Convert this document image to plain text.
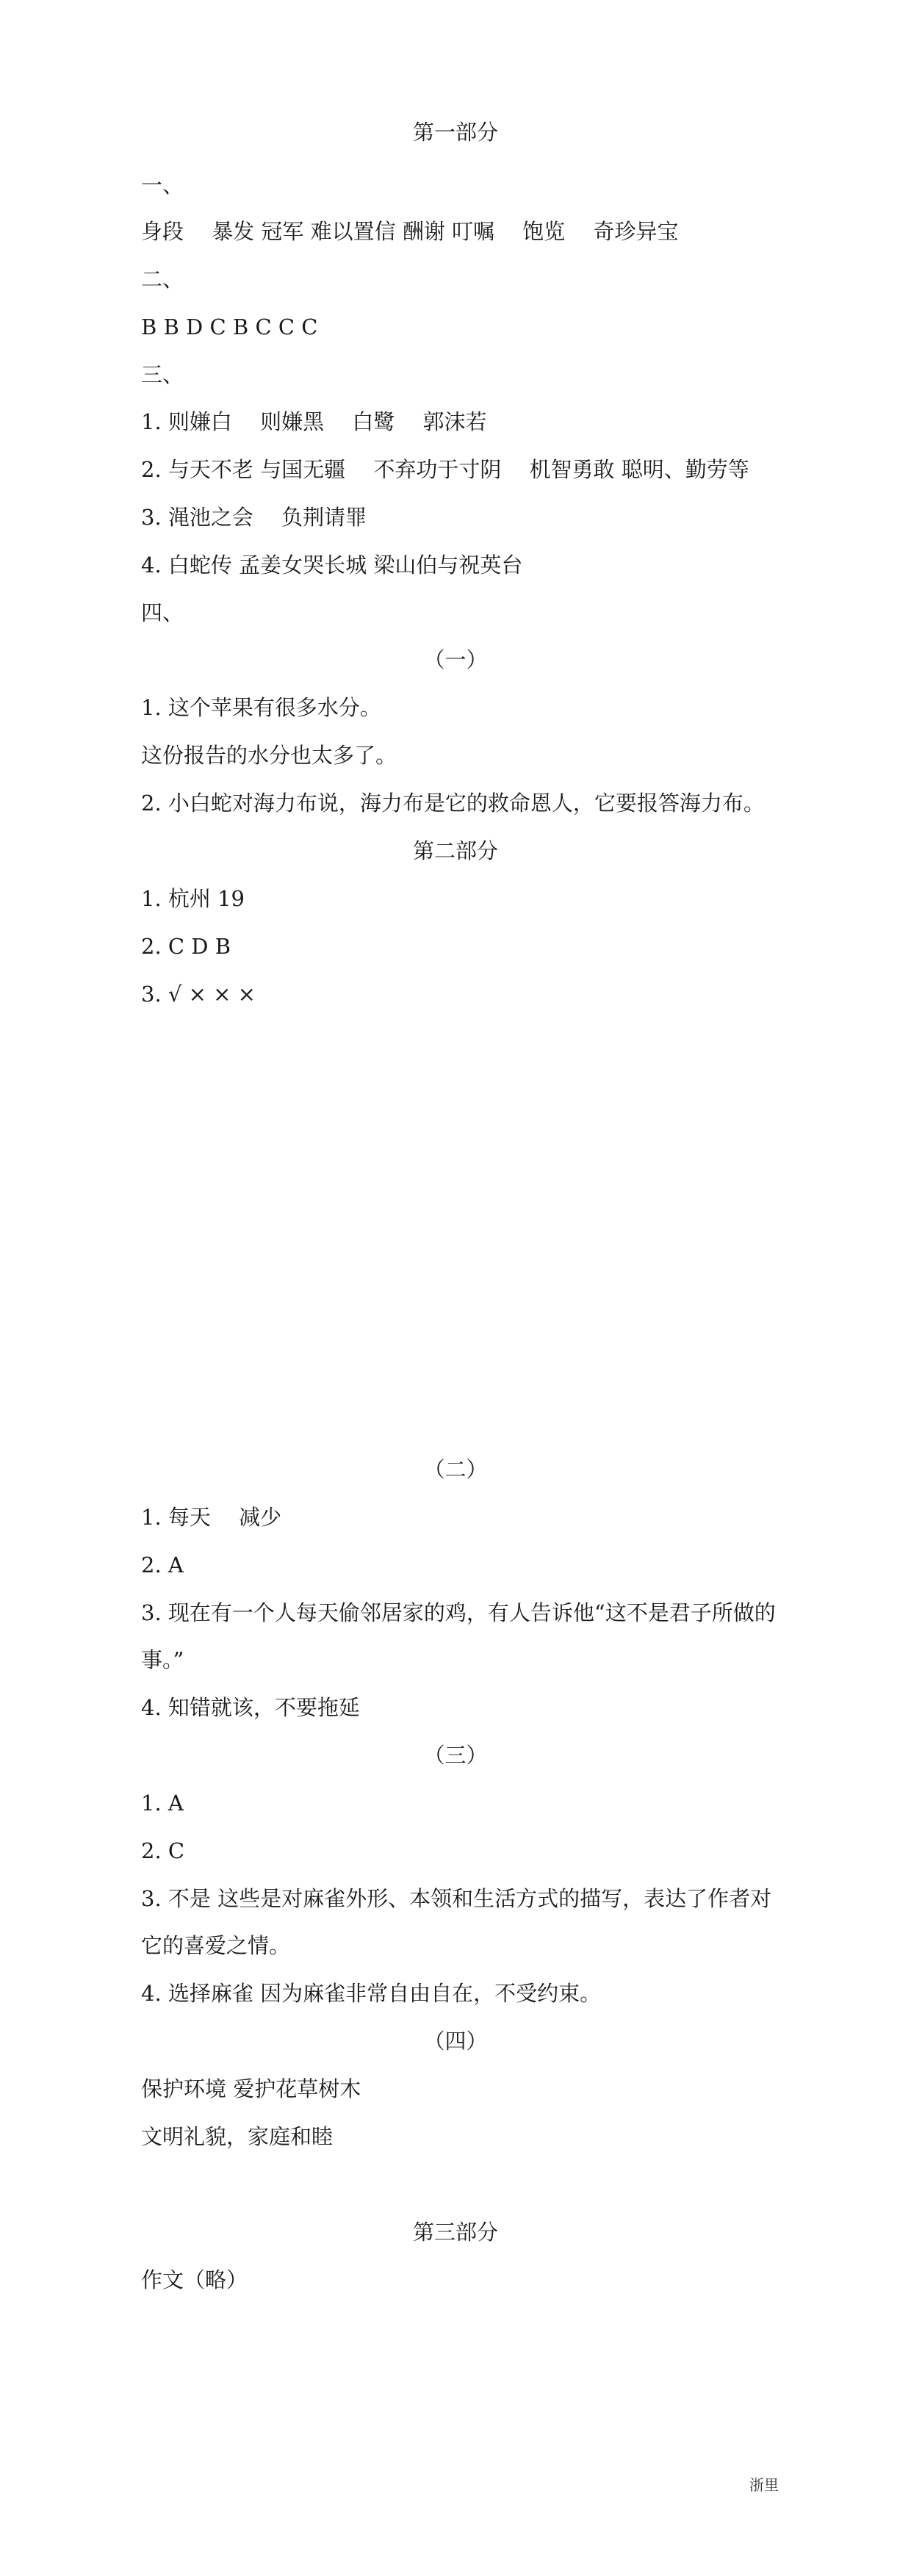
第一部分
一、
身段　 暴发 冠军 难以置信 酬谢 叮嘱　 饱览　 奇珍异宝
二、
B B D C B C C C
三、
1. 则嫌白　 则嫌黑　 白鹭　 郭沫若
2. 与天不老 与国无疆　 不弃功于寸阴　 机智勇敢 聪明、勤劳等
3. 渑池之会　 负荆请罪
4. 白蛇传 孟姜女哭长城 梁山伯与祝英台
四、
（一）
1. 这个苹果有很多水分。
这份报告的水分也太多了。
2. 小白蛇对海力布说，海力布是它的救命恩人，它要报答海力布。
第二部分
1. 杭州 19
2. C D B
3. √ × × ×
（二）
1. 每天　 减少
2. A
3. 现在有一个人每天偷邻居家的鸡，有人告诉他“这不是君子所做的事。”
4. 知错就该，不要拖延
（三）
1. A
2. C
3. 不是 这些是对麻雀外形、本领和生活方式的描写，表达了作者对它的喜爱之情。
4. 选择麻雀 因为麻雀非常自由自在，不受约束。
（四）
保护环境 爱护花草树木
文明礼貌，家庭和睦
第三部分
作文（略）
浙里
